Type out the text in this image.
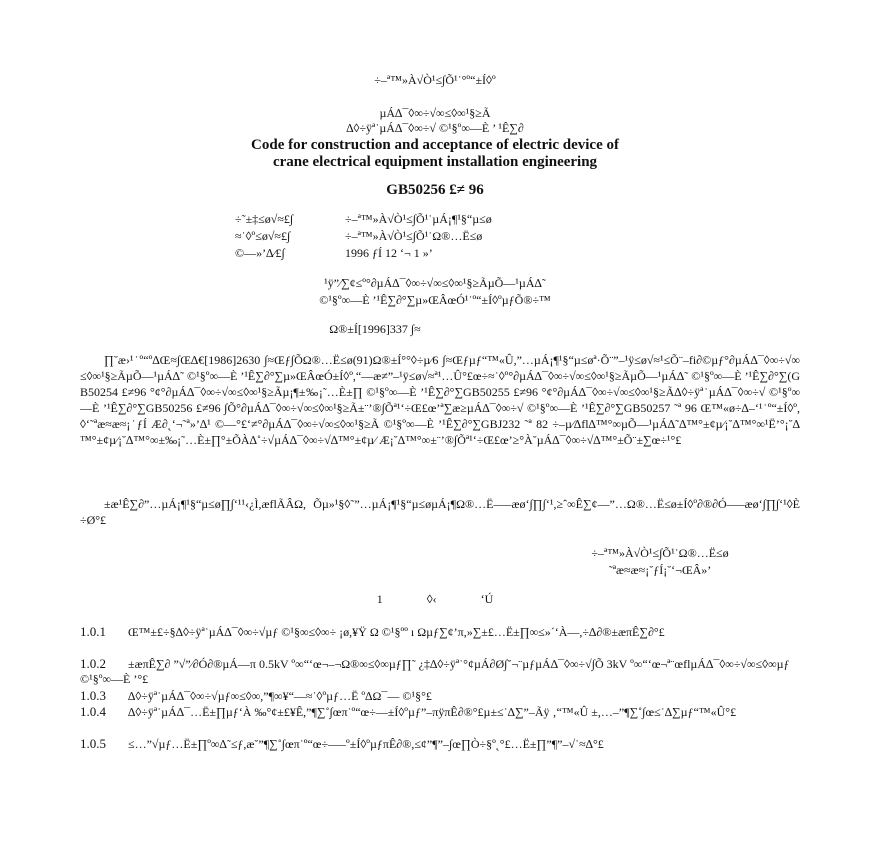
÷–ª™»À√Ò¹≤∫Õ¹˙°º“±Í◊º
µÁ∆¯◊∞÷√∞≤◊∞¹§≥Ã
∆◊÷ÿª˙µÁ∆¯◊∞÷√ ©¹§º∞—È ’ ¹Ê∑∂
Code for construction and acceptance of electric device of
crane electrical equipment installation engineering
GB50256 £≠ 96
÷˜±‡≤ø√≈£∫	÷–ª™»À√Ò¹≤∫Õ¹˙µÁ¡¶¹§“µ≤ø
≈˙◊º≤ø√≈£∫	÷–ª™»À√Ò¹≤∫Õ¹˙Ω®…Ë≤ø
©––»’∆⁄£∫	1996 ƒÍ 12 ‘¬ 1 »’
¹ÿ”⁄∑¢≤º°∂µÁ∆¯◊∞÷√∞≤◊∞¹§≥ÃµÕ—¹µÁ∆˜
©¹§º∞—È ’¹Ê∑∂°∑µ»ŒÂœÓ¹˙º“±Í◊ºµƒÕ®÷™
Ω®±Í[1996]337 ∫≈
∏˘æ›¹˙º“º∆Œ≈∫Œ∆€[1986]2630 ∫≈Œƒ∫ÕΩ®…Ë≤ø(91)Ω®±Í°°◊÷µ⁄6 ∫≈Œƒµƒ“™«Û,”…µÁ¡¶¹§“µ≤øª·Õ¨”–¹ÿ≤ø√≈¹≤Õ¨–fi∂©µƒ°∂µÁ∆¯◊∞÷√∞≤◊∞¹§≥ÃµÕ—¹µÁ∆˜ ©¹§º∞—È ’¹Ê∑∂°∑µ»ŒÂœÓ±Í◊º,“—æ≠”–¹ÿ≤ø√≈ª¹…Û°£œ÷≈˙◊º°∂µÁ∆¯◊∞÷√∞≤◊∞¹§≥ÃµÕ—¹µÁ∆˜ ©¹§º∞—È ’¹Ê∑∂°∑(GB50254 £≠96 °¢°∂µÁ∆¯◊∞÷√∞≤◊∞¹§≥Ãµ¡¶±‰¡˜…È±∏ ©¹§º∞—È ’¹Ê∑∂°∑GB50255 £≠96 °¢°∂µÁ∆¯◊∞÷√∞≤◊∞¹§≥Ã∆◊÷ÿª˙µÁ∆¯◊∞÷√ ©¹§º∞—È ’¹Ê∑∂°∑GB50256 £≠96 ∫Õ°∂µÁ∆¯◊∞÷√∞≤◊∞¹§≥Ã±¨’®∫Õª¹‘÷Œ£œ’ª∑æ≥µÁ∆¯◊∞÷√ ©¹§º∞—È ’¹Ê∑∂°∑GB50257 ˜ª 96 Œ™«ø÷∆–‘¹˙º“±Í◊º,◊‘˜ªæ≈æ≈¡˙ƒÍ Æ∂˛‘¬˜ª»’∆¹ ©––°£‘≠°∂µÁ∆¯◊∞÷√∞≤◊∞¹§≥Ã ©¹§º∞—È ’¹Ê∑∂°∑GBJ232 ˜ª 82 ÷–µ⁄∆fl∆™°∞µÕ—¹µÁ∆˜∆™°±¢µ⁄¡˘∆™°∞¹Ë’°¡˘∆™°±¢µ⁄¡˘∆™°∞±‰¡˜…È±∏°±ÕÀ∆˚÷√µÁ∆¯◊∞÷√∆™°±¢µ⁄ Æ¡˘∆™°∞±¨’®∫Õª¹‘÷Œ£œ’≥°À˘µÁ∆¯◊∞÷√∆™°±Õ¨±∑œ÷¹°£
±æ¹Ê∑∂”…µÁ¡¶¹§“µ≤ø∏∫‘¹¹‹¿Ì,æflÃÂΩ, Õµ»¹§◊˜”…µÁ¡¶¹§“µ≤øµÁ¡¶Ω®…Ë—–æø‘∫∏∫‘¹,≥ˆ∞Ê∑¢––”…Ω®…Ë≤ø±Í◊º∂®∂Ó—–æø‘∫∏∫‘¹◊È÷Ø°£
÷–ª™»À√Ò¹≤∫Õ¹˙Ω®…Ë≤ø
˜ªæ≈æ≈¡˘ƒÍ¡˘‘¬ŒÂ»’
1	◊‹	‘Ú
1.0.1 Œ™±£÷§∆◊÷ÿª˙µÁ∆¯◊∞÷√µƒ ©¹§∞≤◊∞÷ ¡ø,¥Ÿ Ω ©¹§ºº ı Ωµƒ∑¢’π,»∑±£…Ë±∏∞≤»´‘À––,÷∆∂®±æπÊ∑∂°£
1.0.2 ±æπÊ∑∂ ”√”⁄∂Ó∂®µÁ—π 0.5kV º∞“‘œ¬–¬Ω®∞≤◊∞µƒ∏˜ ¿‡∆◊÷ÿª˙°¢µÁ∂Ø∫˘¬¨µƒµÁ∆¯◊∞÷√∫Õ 3kV º∞“‘œ¬ª¨œflµÁ∆¯◊∞÷√∞≤◊∞µƒ ©¹§º∞—È ’°£
1.0.3 ∆◊÷ÿª˙µÁ∆¯◊∞÷√µƒ∞≤◊∞,”¶∞¥“—≈˙◊ºµƒ…Ë º∆Ω¯–– ©¹§°£
1.0.4 ∆◊÷ÿª˙µÁ∆¯…Ë±∏µƒ‘À ‰°¢±£¥Ê,”¶∑˚∫œπ˙º“œ÷––±Í◊ºµƒ”–πÿπÊ∂®°£µ±≤˙∆∑”–Ãÿ ‚“™«Û ±,…–”¶∑˚∫œ≤˙∆∑µƒ“™«Û°£
1.0.5 ≤…”√µƒ…Ë±∏º∞∆˜≤ƒ,æ˘”¶∑˚∫œπ˙º“œ÷–––º±Í◊ºµƒπÊ∂®,≤¢”¶”–∫œ∏Ò÷§º˛°£…Ë±∏”¶”–√˙≈∆°£
